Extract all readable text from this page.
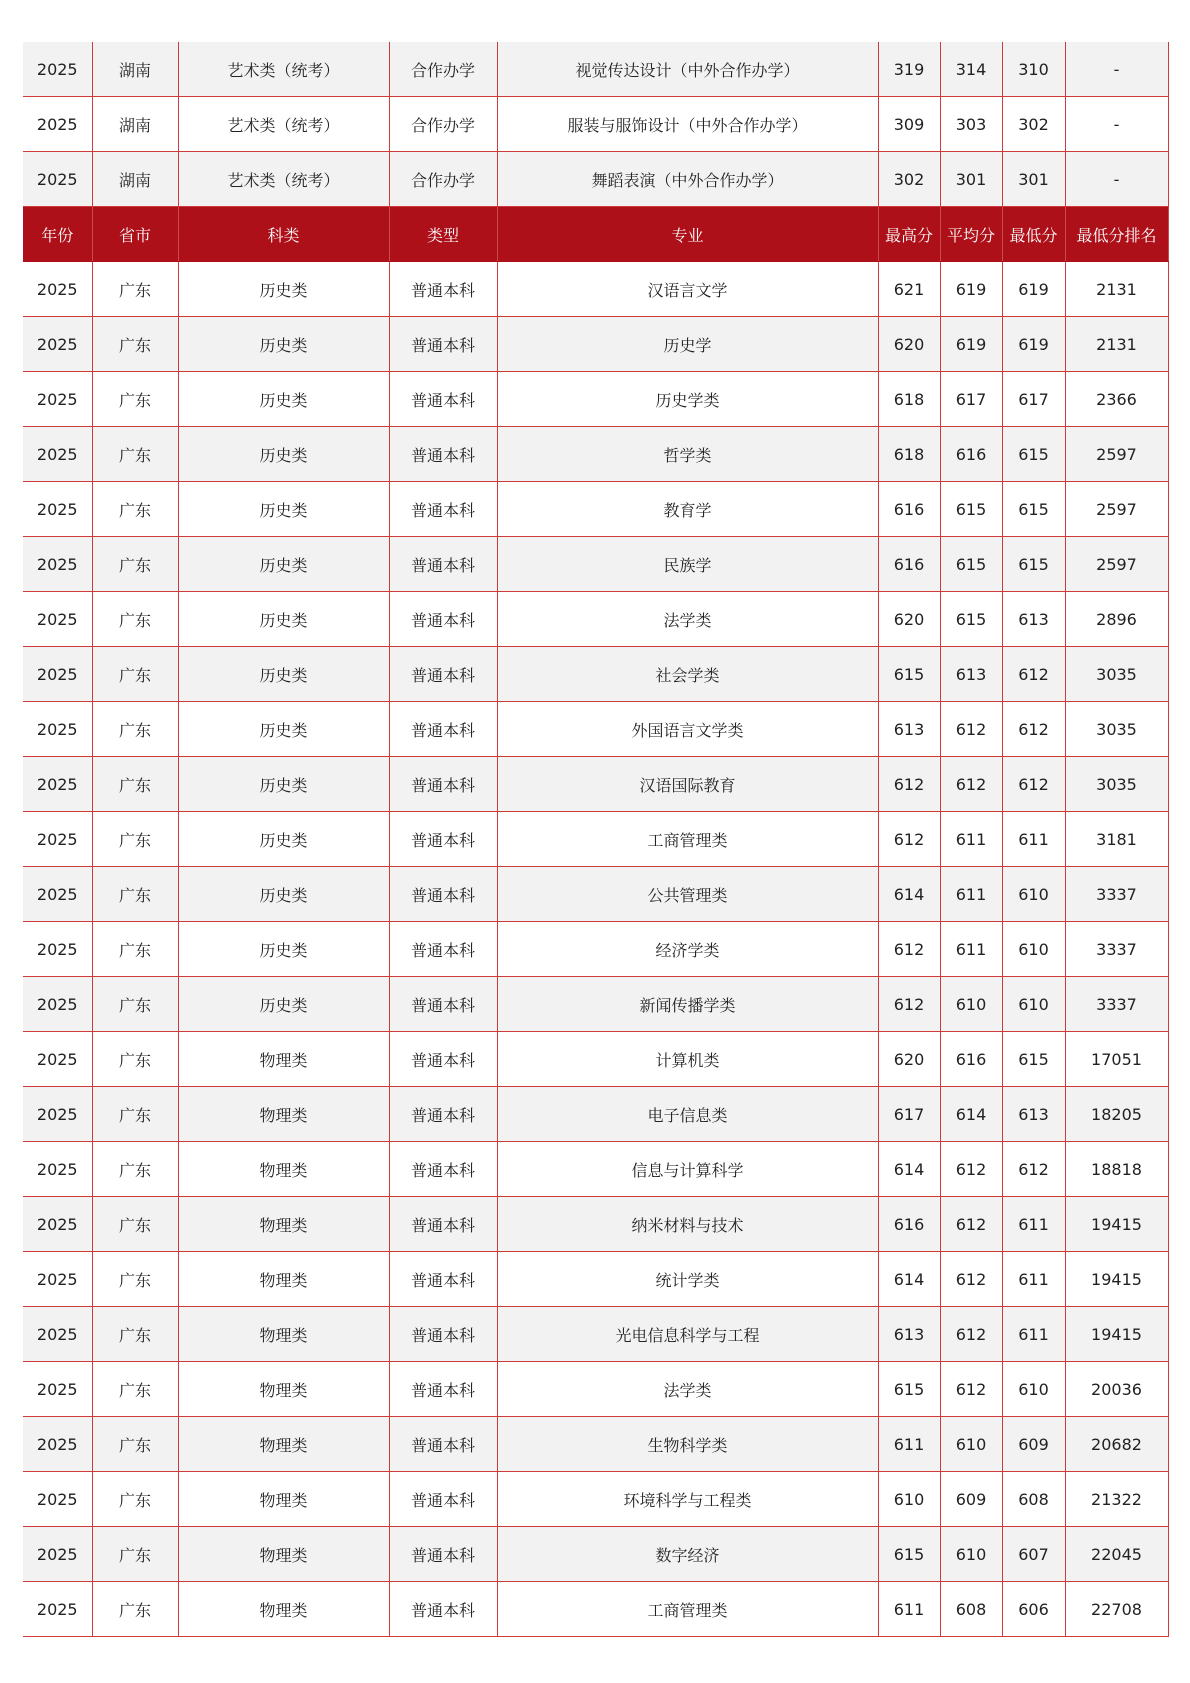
2025	湖南	艺术类（统考）	合作办学	视觉传达设计（中外合作办学）	319	314	310	-
2025	湖南	艺术类（统考）	合作办学	服装与服饰设计（中外合作办学）	309	303	302	-
2025	湖南	艺术类（统考）	合作办学	舞蹈表演（中外合作办学）	302	301	301	-
年份	省市	科类	类型	专业	最高分	平均分	最低分	最低分排名
2025	广东	历史类	普通本科	汉语言文学	621	619	619	2131
2025	广东	历史类	普通本科	历史学	620	619	619	2131
2025	广东	历史类	普通本科	历史学类	618	617	617	2366
2025	广东	历史类	普通本科	哲学类	618	616	615	2597
2025	广东	历史类	普通本科	教育学	616	615	615	2597
2025	广东	历史类	普通本科	民族学	616	615	615	2597
2025	广东	历史类	普通本科	法学类	620	615	613	2896
2025	广东	历史类	普通本科	社会学类	615	613	612	3035
2025	广东	历史类	普通本科	外国语言文学类	613	612	612	3035
2025	广东	历史类	普通本科	汉语国际教育	612	612	612	3035
2025	广东	历史类	普通本科	工商管理类	612	611	611	3181
2025	广东	历史类	普通本科	公共管理类	614	611	610	3337
2025	广东	历史类	普通本科	经济学类	612	611	610	3337
2025	广东	历史类	普通本科	新闻传播学类	612	610	610	3337
2025	广东	物理类	普通本科	计算机类	620	616	615	17051
2025	广东	物理类	普通本科	电子信息类	617	614	613	18205
2025	广东	物理类	普通本科	信息与计算科学	614	612	612	18818
2025	广东	物理类	普通本科	纳米材料与技术	616	612	611	19415
2025	广东	物理类	普通本科	统计学类	614	612	611	19415
2025	广东	物理类	普通本科	光电信息科学与工程	613	612	611	19415
2025	广东	物理类	普通本科	法学类	615	612	610	20036
2025	广东	物理类	普通本科	生物科学类	611	610	609	20682
2025	广东	物理类	普通本科	环境科学与工程类	610	609	608	21322
2025	广东	物理类	普通本科	数字经济	615	610	607	22045
2025	广东	物理类	普通本科	工商管理类	611	608	606	22708
